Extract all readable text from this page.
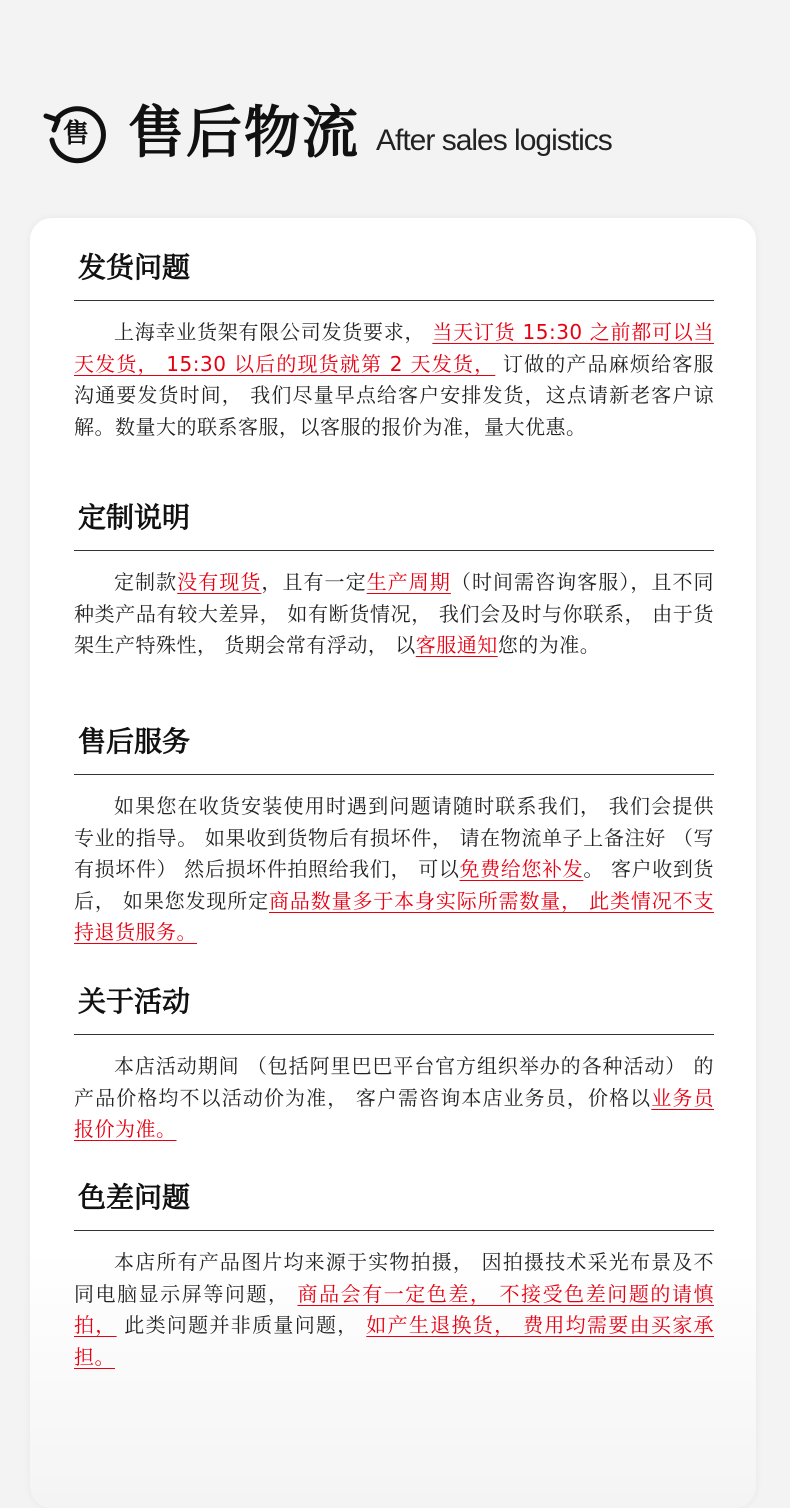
售 售后物流 After sales logistics
发货问题
上海幸业货架有限公司发货要求， 当天订货 15:30 之前都可以当天发货， 15:30 以后的现货就第 2 天发货， 订做的产品麻烦给客服沟通要发货时间， 我们尽量早点给客户安排发货，这点请新老客户谅解。数量大的联系客服，以客服的报价为准，量大优惠。
定制说明
定制款没有现货，且有一定生产周期（时间需咨询客服），且不同种类产品有较大差异， 如有断货情况， 我们会及时与你联系， 由于货架生产特殊性， 货期会常有浮动， 以客服通知您的为准。
售后服务
如果您在收货安装使用时遇到问题请随时联系我们， 我们会提供专业的指导。 如果收到货物后有损坏件， 请在物流单子上备注好 （写有损坏件） 然后损坏件拍照给我们， 可以免费给您补发。 客户收到货后， 如果您发现所定商品数量多于本身实际所需数量， 此类情况不支持退货服务。
关于活动
本店活动期间 （包括阿里巴巴平台官方组织举办的各种活动） 的产品价格均不以活动价为准， 客户需咨询本店业务员，价格以业务员报价为准。
色差问题
本店所有产品图片均来源于实物拍摄， 因拍摄技术采光布景及不同电脑显示屏等问题， 商品会有一定色差， 不接受色差问题的请慎拍， 此类问题并非质量问题， 如产生退换货， 费用均需要由买家承担。
